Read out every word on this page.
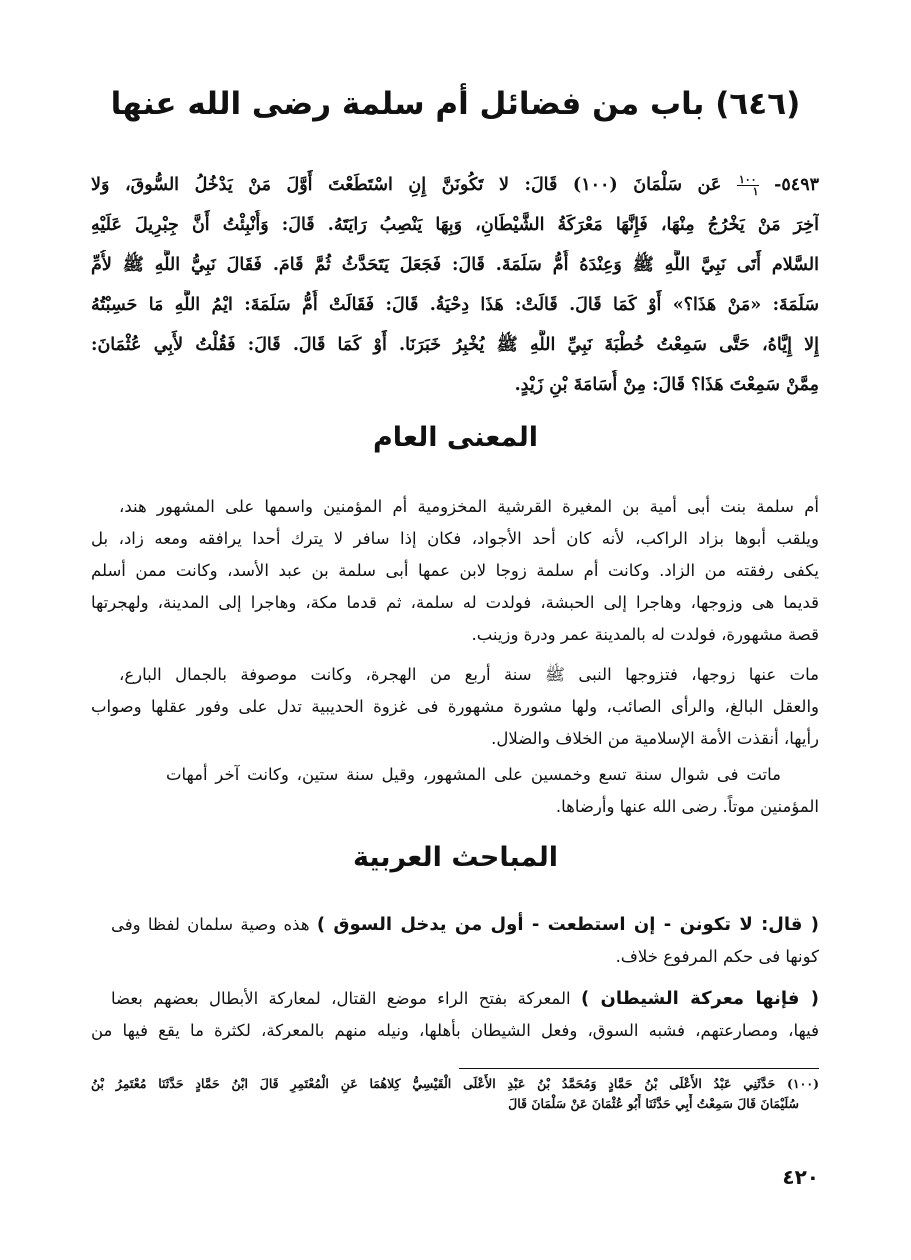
(٦٤٦) باب من فضائل أم سلمة رضى الله عنها
٥٤٩٣-
$\frac{١٠٠}{١}$
عَن سَلْمَانَ (١٠٠) قَالَ: لا تَكُونَنَّ إِنِ اسْتَطَعْتَ أَوَّلَ مَنْ يَدْخُلُ السُّوقَ، وَلا
آخِرَ مَنْ يَخْرُجُ مِنْهَا، فَإِنَّهَا مَعْرَكَةُ الشَّيْطَانِ، وَبِهَا يَنْصِبُ رَايَتَهُ. قَالَ: وَأُنْبِئْتُ أَنَّ جِبْرِيلَ عَلَيْهِ
السَّلام أَتَى نَبِيَّ اللَّهِ ﷺ وَعِنْدَهُ أُمُّ سَلَمَةَ. قَالَ: فَجَعَلَ يَتَحَدَّثُ ثُمَّ قَامَ. فَقَالَ نَبِيُّ اللَّهِ ﷺ لأُمِّ
سَلَمَةَ: «مَنْ هَذَا؟» أَوْ كَمَا قَالَ. قَالَتْ: هَذَا دِحْيَةُ. قَالَ: فَقَالَتْ أُمُّ سَلَمَةَ: ايْمُ اللَّهِ مَا حَسِبْتُهُ
إِلا إِيَّاهُ، حَتَّى سَمِعْتُ خُطْبَةَ نَبِيِّ اللَّهِ ﷺ يُخْبِرُ خَبَرَنَا. أَوْ كَمَا قَالَ. قَالَ: فَقُلْتُ لأَبِي عُثْمَانَ:
مِمَّنْ سَمِعْتَ هَذَا؟ قَالَ: مِنْ أُسَامَةَ بْنِ زَيْدٍ.
المعنى العام
أم سلمة بنت أبى أمية بن المغيرة القرشية المخزومية أم المؤمنين واسمها على المشهور هند،
ويلقب أبوها بزاد الراكب، لأنه كان أحد الأجواد، فكان إذا سافر لا يترك أحدا يرافقه ومعه زاد، بل
يكفى رفقته من الزاد. وكانت أم سلمة زوجا لابن عمها أبى سلمة بن عبد الأسد، وكانت ممن أسلم
قديما هى وزوجها، وهاجرا إلى الحبشة، فولدت له سلمة، ثم قدما مكة، وهاجرا إلى المدينة، ولهجرتها
قصة مشهورة، فولدت له بالمدينة عمر ودرة وزينب.
مات عنها زوجها، فتزوجها النبى ﷺ سنة أربع من الهجرة، وكانت موصوفة بالجمال البارع،
والعقل البالغ، والرأى الصائب، ولها مشورة مشهورة فى غزوة الحديبية تدل على وفور عقلها وصواب
رأيها، أنقذت الأمة الإسلامية من الخلاف والضلال.
ماتت فى شوال سنة تسع وخمسين على المشهور، وقيل سنة ستين، وكانت آخر أمهات
المؤمنين موتاً. رضى الله عنها وأرضاها.
المباحث العربية
( قال: لا تكونن - إن استطعت - أول من يدخل السوق ) هذه وصية سلمان لفظا وفى
كونها فى حكم المرفوع خلاف.
( فإنها معركة الشيطان ) المعركة بفتح الراء موضع القتال، لمعاركة الأبطال بعضهم بعضا
فيها، ومصارعتهم، فشبه السوق، وفعل الشيطان بأهلها، ونيله منهم بالمعركة، لكثرة ما يقع فيها من
(١٠٠) حَدَّثَنِي عَبْدُ الأَعْلَى بْنُ حَمَّادٍ وَمُحَمَّدُ بْنُ عَبْدِ الأَعْلَى الْقَيْسِيُّ كِلاهُمَا عَنِ الْمُعْتَمِرِ قَالَ ابْنُ حَمَّادٍ حَدَّثَنَا مُعْتَمِرُ بْنُ
سُلَيْمَانَ قَالَ سَمِعْتُ أَبِي حَدَّثَنَا أَبُو عُثْمَانَ عَنْ سَلْمَانَ قَالَ
٤٢٠
